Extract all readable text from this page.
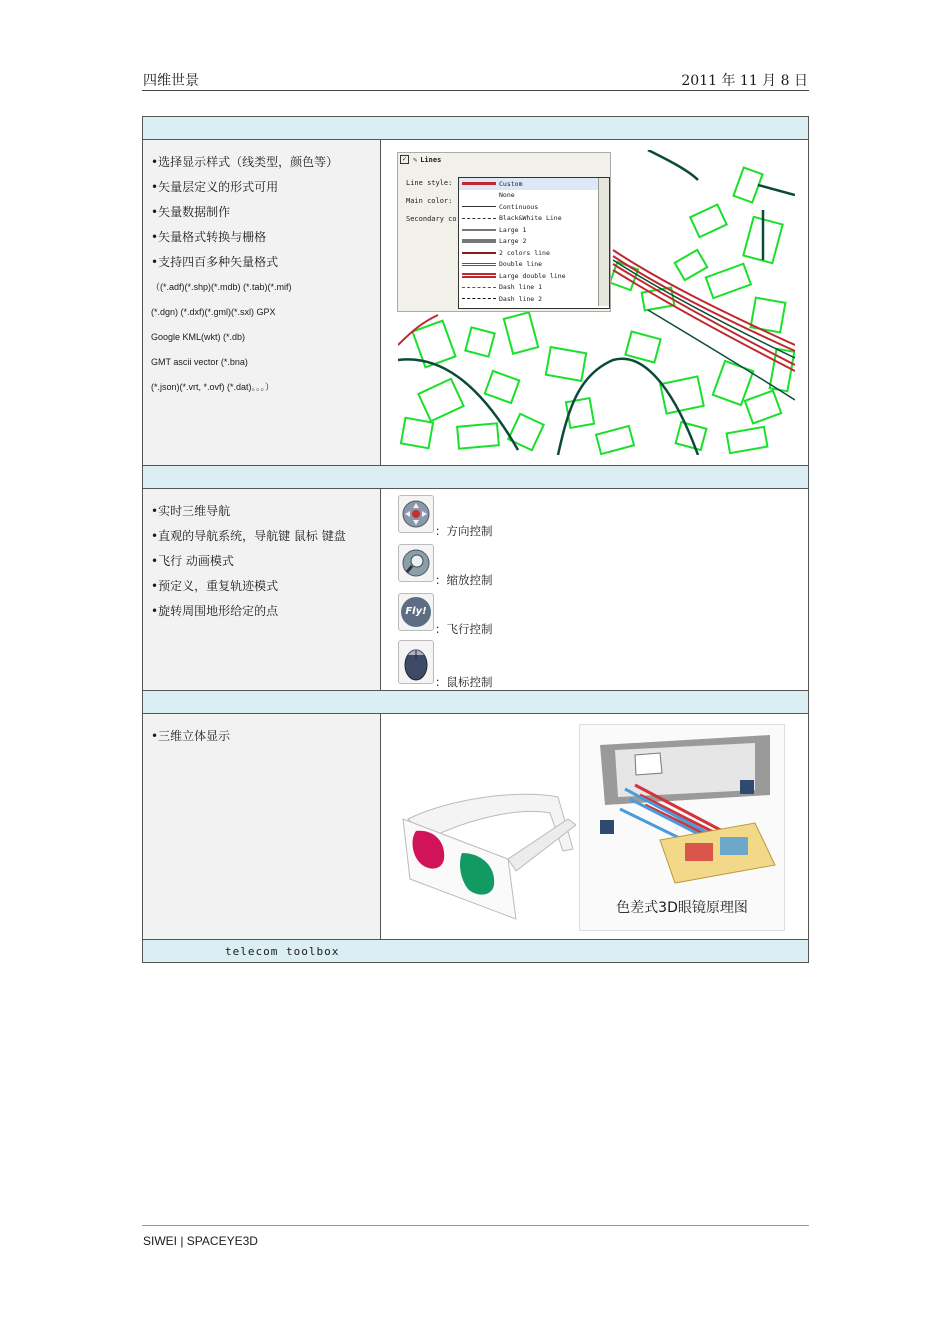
四维世景	2011 年 11 月 8 日
•选择显示样式（线类型，颜色等）
•矢量层定义的形式可用
•矢量数据制作
•矢量格式转换与栅格
•支持四百多种矢量格式
（(*.adf)(*.shp)(*.mdb) (*.tab)(*.mif)
(*.dgn) (*.dxf)(*.gml)(*.sxl) GPX
Google KML(wkt) (*.db)
GMT ascii vector (*.bna)
(*.json)(*.vrt, *.ovf) (*.dat)。。。）
✓ ✎ Lines
Line style:
Main color:
Secondary co
Custom
None
Continuous
Black&White Line
Large 1
Large 2
2 colors line
Double line
Large double line
Dash line 1
Dash line 2
•实时三维导航
•直观的导航系统，导航键 鼠标 键盘
•飞行 动画模式
•预定义，重复轨迹模式
•旋转周围地形给定的点
：方向控制
：缩放控制
Fly!
：飞行控制
：鼠标控制
•三维立体显示
色差式3D眼镜原理图
telecom toolbox
SIWEI | SPACEYE3D
